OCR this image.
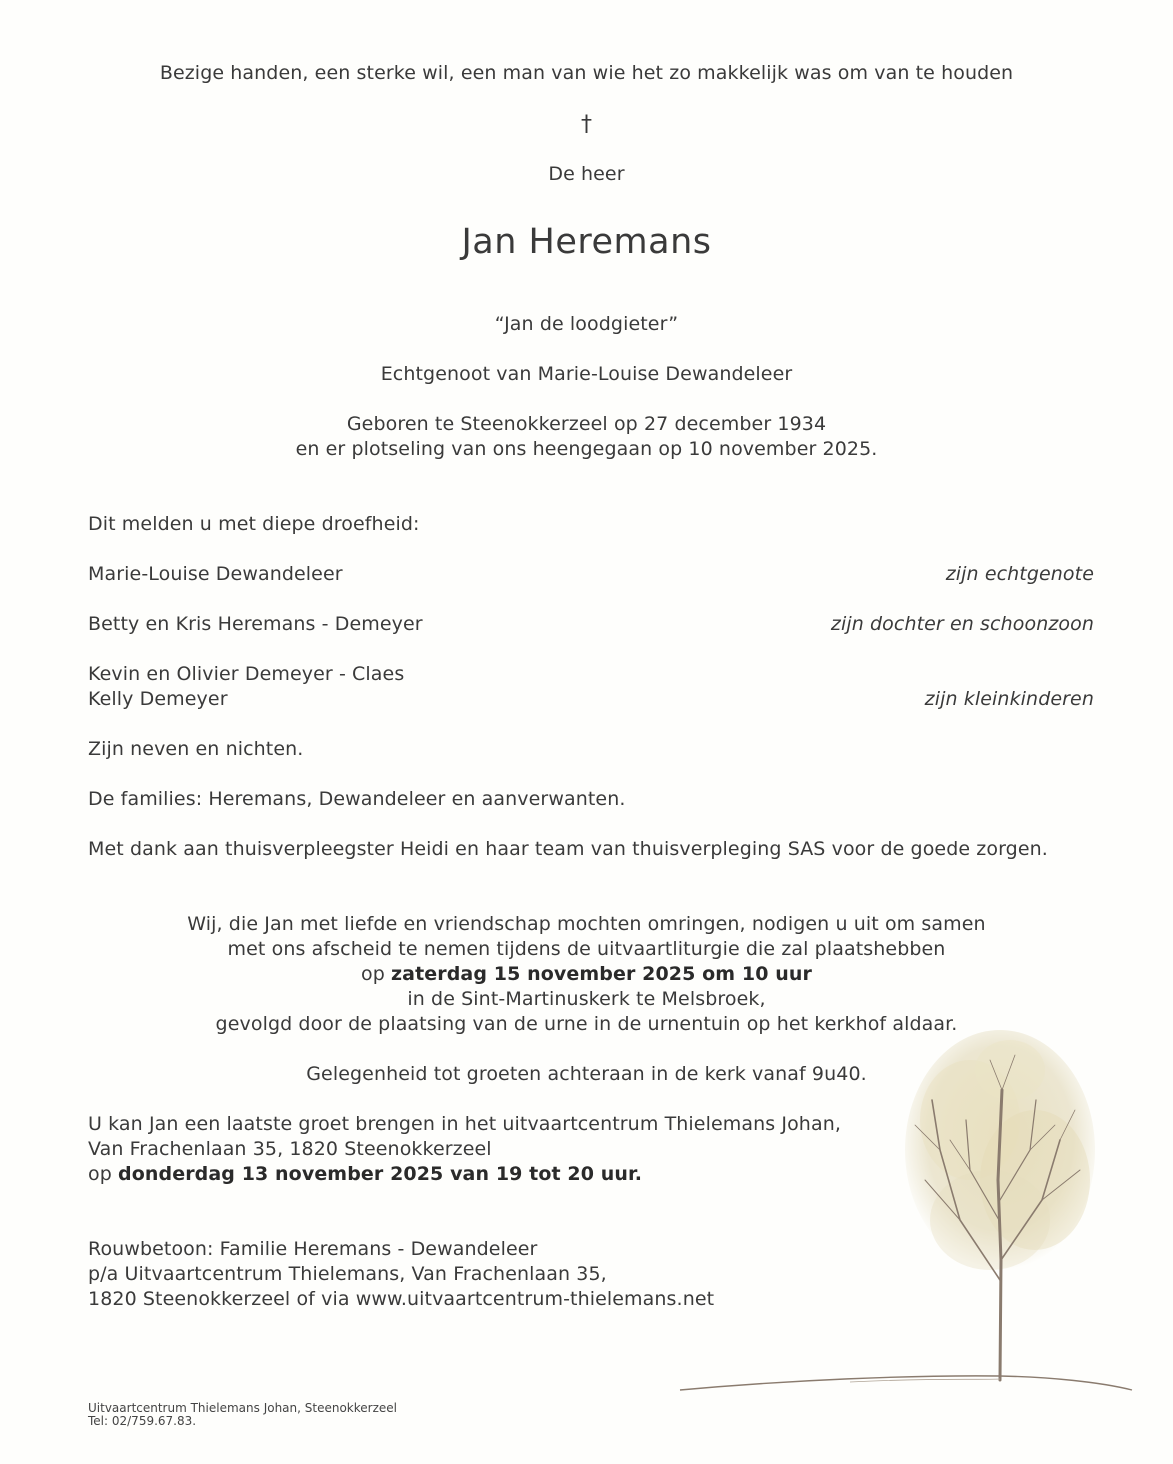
Bezige handen, een sterke wil, een man van wie het zo makkelijk was om van te houden
†
De heer
Jan Heremans
“Jan de loodgieter”
Echtgenoot van Marie-Louise Dewandeleer
Geboren te Steenokkerzeel op 27 december 1934
en er plotseling van ons heengegaan op 10 november 2025.
Dit melden u met diepe droefheid:
Marie-Louise Dewandeleer	zijn echtgenote
Betty en Kris Heremans - Demeyer	zijn dochter en schoonzoon
Kevin en Olivier Demeyer - Claes
Kelly Demeyer	zijn kleinkinderen
Zijn neven en nichten.
De families: Heremans, Dewandeleer en aanverwanten.
Met dank aan thuisverpleegster Heidi en haar team van thuisverpleging SAS voor de goede zorgen.
Wij, die Jan met liefde en vriendschap mochten omringen, nodigen u uit om samen
met ons afscheid te nemen tijdens de uitvaartliturgie die zal plaatshebben
op zaterdag 15 november 2025 om 10 uur
in de Sint-Martinuskerk te Melsbroek,
gevolgd door de plaatsing van de urne in de urnentuin op het kerkhof aldaar.
Gelegenheid tot groeten achteraan in de kerk vanaf 9u40.
U kan Jan een laatste groet brengen in het uitvaartcentrum Thielemans Johan,
Van Frachenlaan 35, 1820 Steenokkerzeel
op donderdag 13 november 2025 van 19 tot 20 uur.
Rouwbetoon: Familie Heremans - Dewandeleer
p/a Uitvaartcentrum Thielemans, Van Frachenlaan 35,
1820 Steenokkerzeel of via www.uitvaartcentrum-thielemans.net
Uitvaartcentrum Thielemans Johan, Steenokkerzeel
Tel: 02/759.67.83.
